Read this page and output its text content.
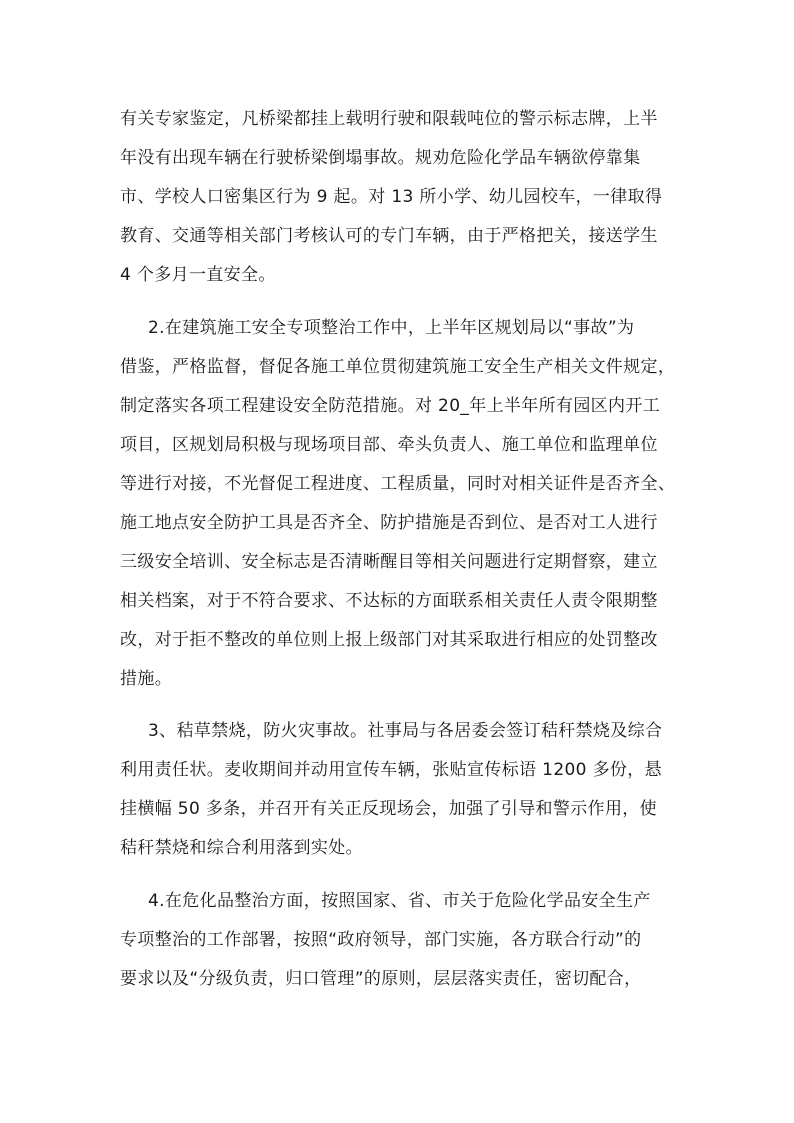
有关专家鉴定，凡桥梁都挂上载明行驶和限载吨位的警示标志牌，上半
年没有出现车辆在行驶桥梁倒塌事故。规劝危险化学品车辆欲停靠集
市、学校人口密集区行为 9 起。对 13 所小学、幼儿园校车，一律取得
教育、交通等相关部门考核认可的专门车辆，由于严格把关，接送学生
4 个多月一直安全。
2.在建筑施工安全专项整治工作中，上半年区规划局以“事故”为
借鉴，严格监督，督促各施工单位贯彻建筑施工安全生产相关文件规定，
制定落实各项工程建设安全防范措施。对 20_年上半年所有园区内开工
项目，区规划局积极与现场项目部、牵头负责人、施工单位和监理单位
等进行对接，不光督促工程进度、工程质量，同时对相关证件是否齐全、
施工地点安全防护工具是否齐全、防护措施是否到位、是否对工人进行
三级安全培训、安全标志是否清晰醒目等相关问题进行定期督察，建立
相关档案，对于不符合要求、不达标的方面联系相关责任人责令限期整
改，对于拒不整改的单位则上报上级部门对其采取进行相应的处罚整改
措施。
3、秸草禁烧，防火灾事故。社事局与各居委会签订秸秆禁烧及综合
利用责任状。麦收期间并动用宣传车辆，张贴宣传标语 1200 多份，悬
挂横幅 50 多条，并召开有关正反现场会，加强了引导和警示作用，使
秸秆禁烧和综合利用落到实处。
4.在危化品整治方面，按照国家、省、市关于危险化学品安全生产
专项整治的工作部署，按照“政府领导，部门实施，各方联合行动”的
要求以及“分级负责，归口管理”的原则，层层落实责任，密切配合，
